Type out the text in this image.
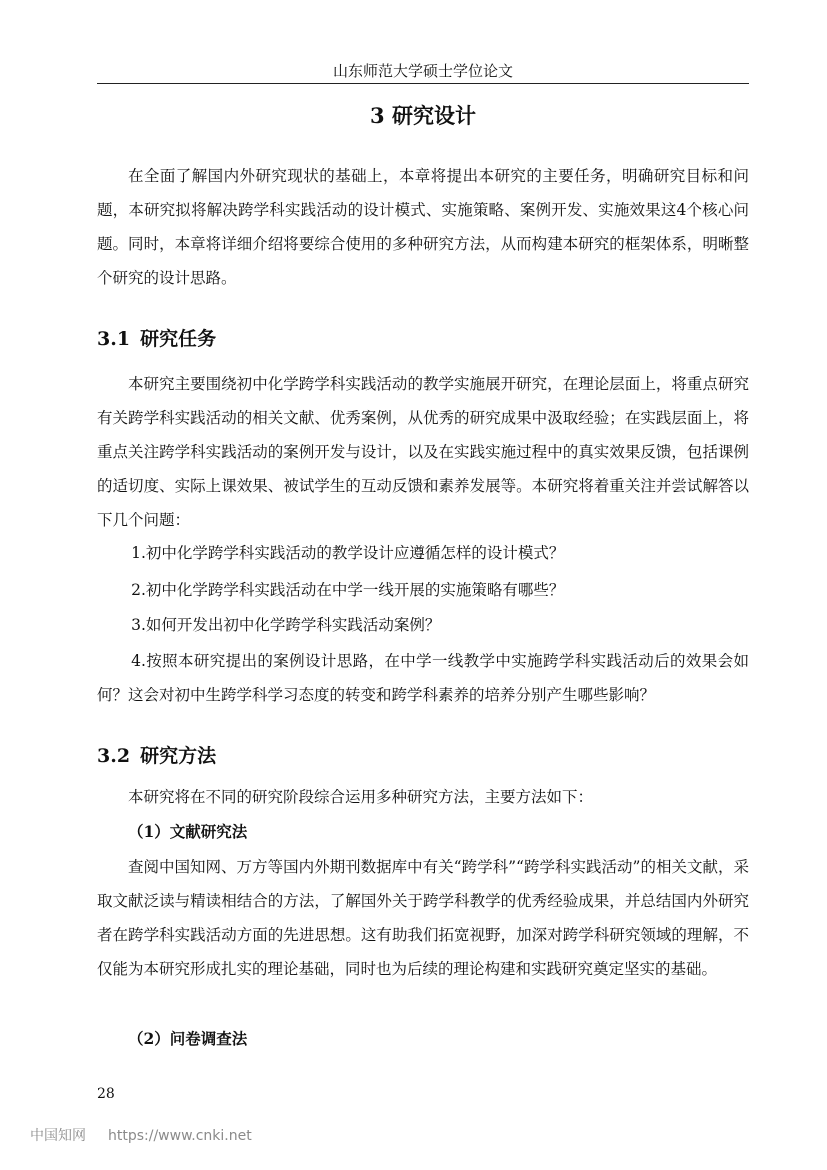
山东师范大学硕士学位论文
3 研究设计

在全面了解国内外研究现状的基础上，本章将提出本研究的主要任务，明确研究目标和问题，本研究拟将解决跨学科实践活动的设计模式、实施策略、案例开发、实施效果这4个核心问题。同时，本章将详细介绍将要综合使用的多种研究方法，从而构建本研究的框架体系，明晰整个研究的设计思路。

3.1 研究任务

本研究主要围绕初中化学跨学科实践活动的教学实施展开研究，在理论层面上，将重点研究有关跨学科实践活动的相关文献、优秀案例，从优秀的研究成果中汲取经验；在实践层面上，将重点关注跨学科实践活动的案例开发与设计，以及在实践实施过程中的真实效果反馈，包括课例的适切度、实际上课效果、被试学生的互动反馈和素养发展等。本研究将着重关注并尝试解答以下几个问题：

1.初中化学跨学科实践活动的教学设计应遵循怎样的设计模式？

2.初中化学跨学科实践活动在中学一线开展的实施策略有哪些？

3.如何开发出初中化学跨学科实践活动案例？

4.按照本研究提出的案例设计思路，在中学一线教学中实施跨学科实践活动后的效果会如何？这会对初中生跨学科学习态度的转变和跨学科素养的培养分别产生哪些影响？

3.2 研究方法

本研究将在不同的研究阶段综合运用多种研究方法，主要方法如下：

（1）文献研究法

查阅中国知网、万方等国内外期刊数据库中有关“跨学科”“跨学科实践活动”的相关文献，采取文献泛读与精读相结合的方法，了解国外关于跨学科教学的优秀经验成果，并总结国内外研究者在跨学科实践活动方面的先进思想。这有助我们拓宽视野，加深对跨学科研究领域的理解，不仅能为本研究形成扎实的理论基础，同时也为后续的理论构建和实践研究奠定坚实的基础。

（2）问卷调查法
28
中国知网 https://www.cnki.net
